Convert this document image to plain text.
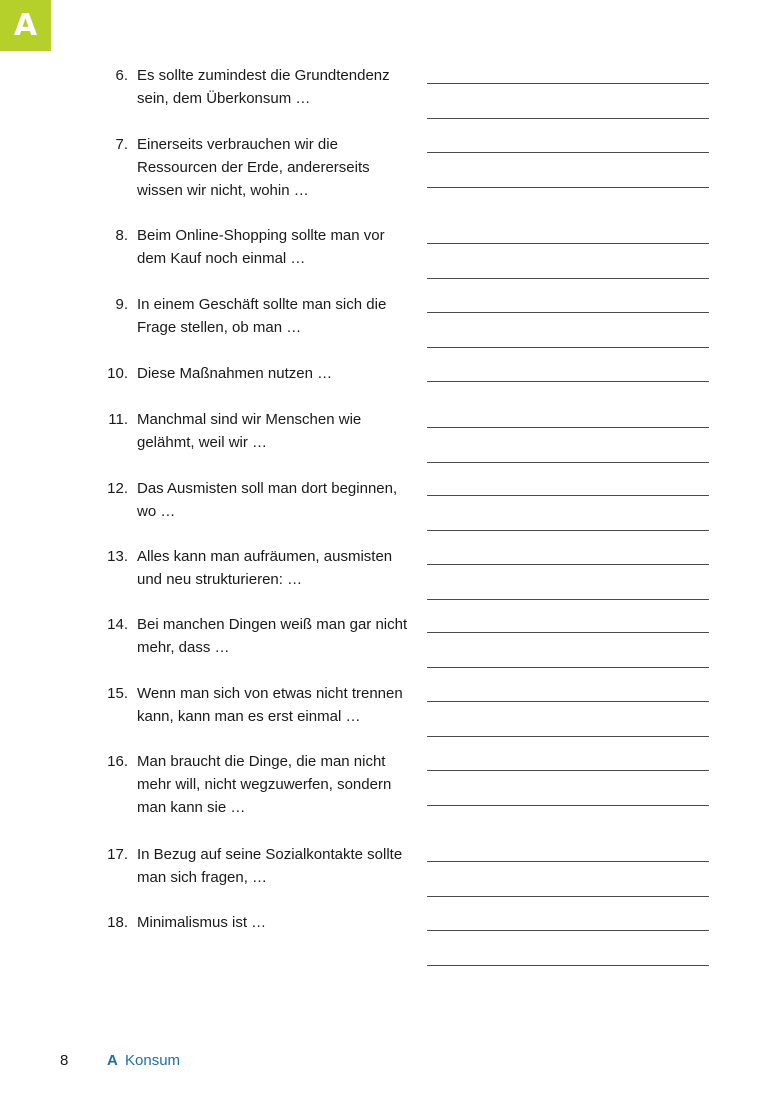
A
6. Es sollte zumindest die Grundtendenz
sein, dem Überkonsum …
7. Einerseits verbrauchen wir die
Ressourcen der Erde, andererseits
wissen wir nicht, wohin …
8. Beim Online-Shopping sollte man vor
dem Kauf noch einmal …
9. In einem Geschäft sollte man sich die
Frage stellen, ob man …
10. Diese Maßnahmen nutzen …
11. Manchmal sind wir Menschen wie
gelähmt, weil wir …
12. Das Ausmisten soll man dort beginnen,
wo …
13. Alles kann man aufräumen, ausmisten
und neu strukturieren: …
14. Bei manchen Dingen weiß man gar nicht
mehr, dass …
15. Wenn man sich von etwas nicht trennen
kann, kann man es erst einmal …
16. Man braucht die Dinge, die man nicht
mehr will, nicht wegzuwerfen, sondern
man kann sie …
17. In Bezug auf seine Sozialkontakte sollte
man sich fragen, …
18. Minimalismus ist …
8	A Konsum
